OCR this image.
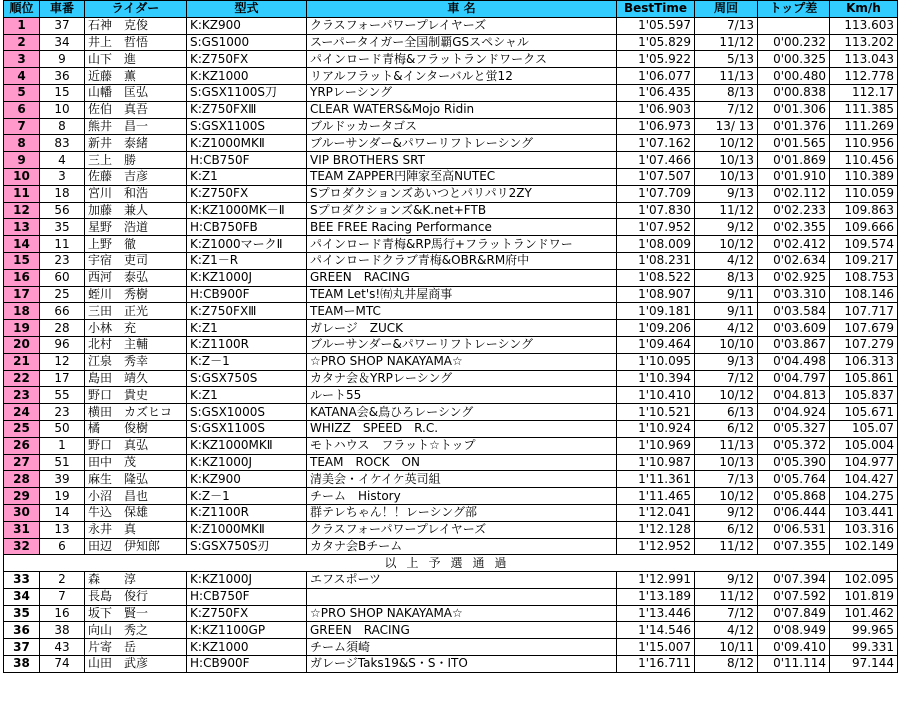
順位	車番	ライダー	型式	車 名	BestTime	周回	トップ差	Km/h
1	37	石神　克俊	K:KZ900	クラスフォーパワープレイヤーズ	1'05.597	7/13		113.603
2	34	井上　哲悟	S:GS1000	スーパータイガー全国制覇GSスペシャル	1'05.829	11/12	0'00.232	113.202
3	9	山下　進	K:Z750FX	パインロード青梅&フラットランドワークス	1'05.922	5/13	0'00.325	113.043
4	36	近藤　薫	K:KZ1000	リアルフラット&インターバルと蛍12	1'06.077	11/13	0'00.480	112.778
5	15	山幡　匡弘	S:GSX1100S刀	YRPレーシング	1'06.435	8/13	0'00.838	112.17
6	10	佐伯　真吾	K:Z750FXⅢ	CLEAR WATERS&Mojo Ridin	1'06.903	7/12	0'01.306	111.385
7	8	熊井　昌一	S:GSX1100S	ブルドッカータゴス	1'06.973	13/ 13	0'01.376	111.269
8	83	新井　泰緒	K:Z1000MKⅡ	ブルーサンダー&パワーリフトレーシング	1'07.162	10/12	0'01.565	110.956
9	4	三上　勝	H:CB750F	VIP BROTHERS SRT	1'07.466	10/13	0'01.869	110.456
10	3	佐藤　吉彦	K:Z1	TEAM ZAPPER円陣家至高NUTEC	1'07.507	10/13	0'01.910	110.389
11	18	宮川　和浩	K:Z750FX	Sプロダクションズあいつとパリパリ2ZY	1'07.709	9/13	0'02.112	110.059
12	56	加藤　兼人	K:KZ1000MK－Ⅱ	Sプロダクションズ&K.net+FTB	1'07.830	11/12	0'02.233	109.863
13	35	星野　浩道	H:CB750FB	BEE FREE Racing Performance	1'07.952	9/12	0'02.355	109.666
14	11	上野　徹	K:Z1000マークⅡ	パインロード青梅&RP馬行+フラットランドワー	1'08.009	10/12	0'02.412	109.574
15	23	宇宿　吏司	K:Z1－R	パインロードクラブ青梅&OBR&RM府中	1'08.231	4/12	0'02.634	109.217
16	60	西河　泰弘	K:KZ1000J	GREEN　RACING	1'08.522	8/13	0'02.925	108.753
17	25	蛭川　秀樹	H:CB900F	TEAM Let's!㈲丸井屋商事	1'08.907	9/11	0'03.310	108.146
18	66	三田　正光	K:Z750FXⅢ	TEAMーMTC	1'09.181	9/11	0'03.584	107.717
19	28	小林　充	K:Z1	ガレージ　ZUCK	1'09.206	4/12	0'03.609	107.679
20	96	北村　主輔	K:Z1100R	ブルーサンダー&パワーリフトレーシング	1'09.464	10/10	0'03.867	107.279
21	12	江泉　秀幸	K:Z－1	☆PRO SHOP NAKAYAMA☆	1'10.095	9/13	0'04.498	106.313
22	17	島田　靖久	S:GSX750S	カタナ会＆YRPレーシング	1'10.394	7/12	0'04.797	105.861
23	55	野口　貴史	K:Z1	ルート55	1'10.410	10/12	0'04.813	105.837
24	23	横田　カズヒコ	S:GSX1000S	KATANA会&鳥ひろレーシング	1'10.521	6/13	0'04.924	105.671
25	50	橘　　俊樹	S:GSX1100S	WHIZZ　SPEED　R.C.	1'10.924	6/12	0'05.327	105.07
26	1	野口　真弘	K:KZ1000MKⅡ	モトハウス　フラット☆トップ	1'10.969	11/13	0'05.372	105.004
27	51	田中　茂	K:KZ1000J	TEAM　ROCK　ON	1'10.987	10/13	0'05.390	104.977
28	39	麻生　隆弘	K:KZ900	清美会・イケイケ英司組	1'11.361	7/13	0'05.764	104.427
29	19	小沼　昌也	K:Z－1	チーム　History	1'11.465	10/12	0'05.868	104.275
30	14	牛込　保雄	K:Z1100R	群テレちゃん！！レーシング部	1'12.041	9/12	0'06.444	103.441
31	13	永井　真	K:Z1000MKⅡ	クラスフォーパワープレイヤーズ	1'12.128	6/12	0'06.531	103.316
32	6	田辺　伊知郎	S:GSX750S刃	カタナ会Bチーム	1'12.952	11/12	0'07.355	102.149
以上予選通過								
33	2	森　　淳	K:KZ1000J	エフスポーツ	1'12.991	9/12	0'07.394	102.095
34	7	長島　俊行	H:CB750F		1'13.189	11/12	0'07.592	101.819
35	16	坂下　賢一	K:Z750FX	☆PRO SHOP NAKAYAMA☆	1'13.446	7/12	0'07.849	101.462
36	38	向山　秀之	K:KZ1100GP	GREEN　RACING	1'14.546	4/12	0'08.949	99.965
37	43	片寄　岳	K:KZ1000	チーム須崎	1'15.007	10/11	0'09.410	99.331
38	74	山田　武彦	H:CB900F	ガレージTaks19&S・S・ITO	1'16.711	8/12	0'11.114	97.144
